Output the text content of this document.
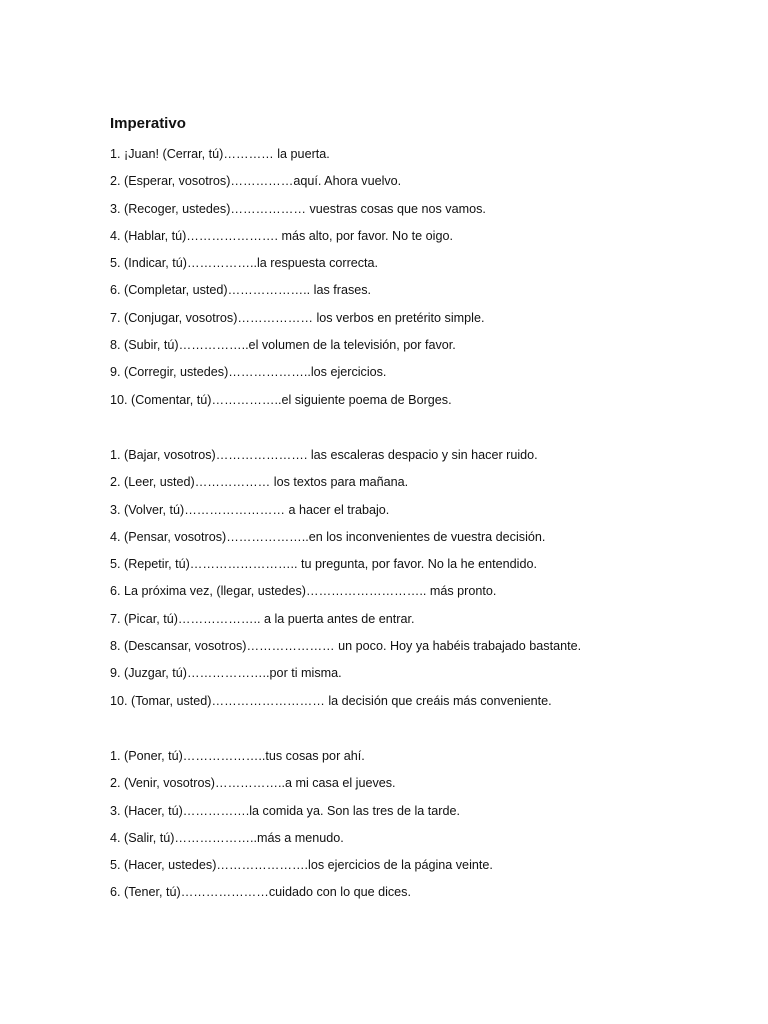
Imperativo
1. ¡Juan! (Cerrar, tú)………… la puerta.
2. (Esperar, vosotros)……………aquí. Ahora vuelvo.
3. (Recoger, ustedes)……………… vuestras cosas que nos vamos.
4. (Hablar, tú)…………………. más alto, por favor. No te oigo.
5. (Indicar, tú)……………..la respuesta correcta.
6. (Completar, usted)……………….. las frases.
7. (Conjugar, vosotros)……………… los verbos en pretérito simple.
8. (Subir, tú)……………..el volumen de la televisión, por favor.
9. (Corregir, ustedes)………………..los ejercicios.
10. (Comentar, tú)……………..el siguiente poema de Borges.
1. (Bajar, vosotros)…………………. las escaleras despacio y sin hacer ruido.
2. (Leer, usted)……………… los textos para mañana.
3. (Volver, tú)…………………… a hacer el trabajo.
4. (Pensar, vosotros)………………..en los inconvenientes de vuestra decisión.
5. (Repetir, tú)…………………….. tu pregunta, por favor. No la he entendido.
6. La próxima vez, (llegar, ustedes)……………………….. más pronto.
7. (Picar, tú)……………….. a la puerta antes de entrar.
8. (Descansar, vosotros)………………… un poco. Hoy ya habéis trabajado bastante.
9. (Juzgar, tú)………………..por ti misma.
10. (Tomar, usted)……………………… la decisión que creáis más conveniente.
1. (Poner, tú)………………..tus cosas por ahí.
2. (Venir, vosotros)……………..a mi casa el jueves.
3. (Hacer, tú)…………….la comida ya. Son las tres de la tarde.
4. (Salir, tú)………………..más a menudo.
5. (Hacer, ustedes)………………….los ejercicios de la página veinte.
6. (Tener, tú)…………………cuidado con lo que dices.
